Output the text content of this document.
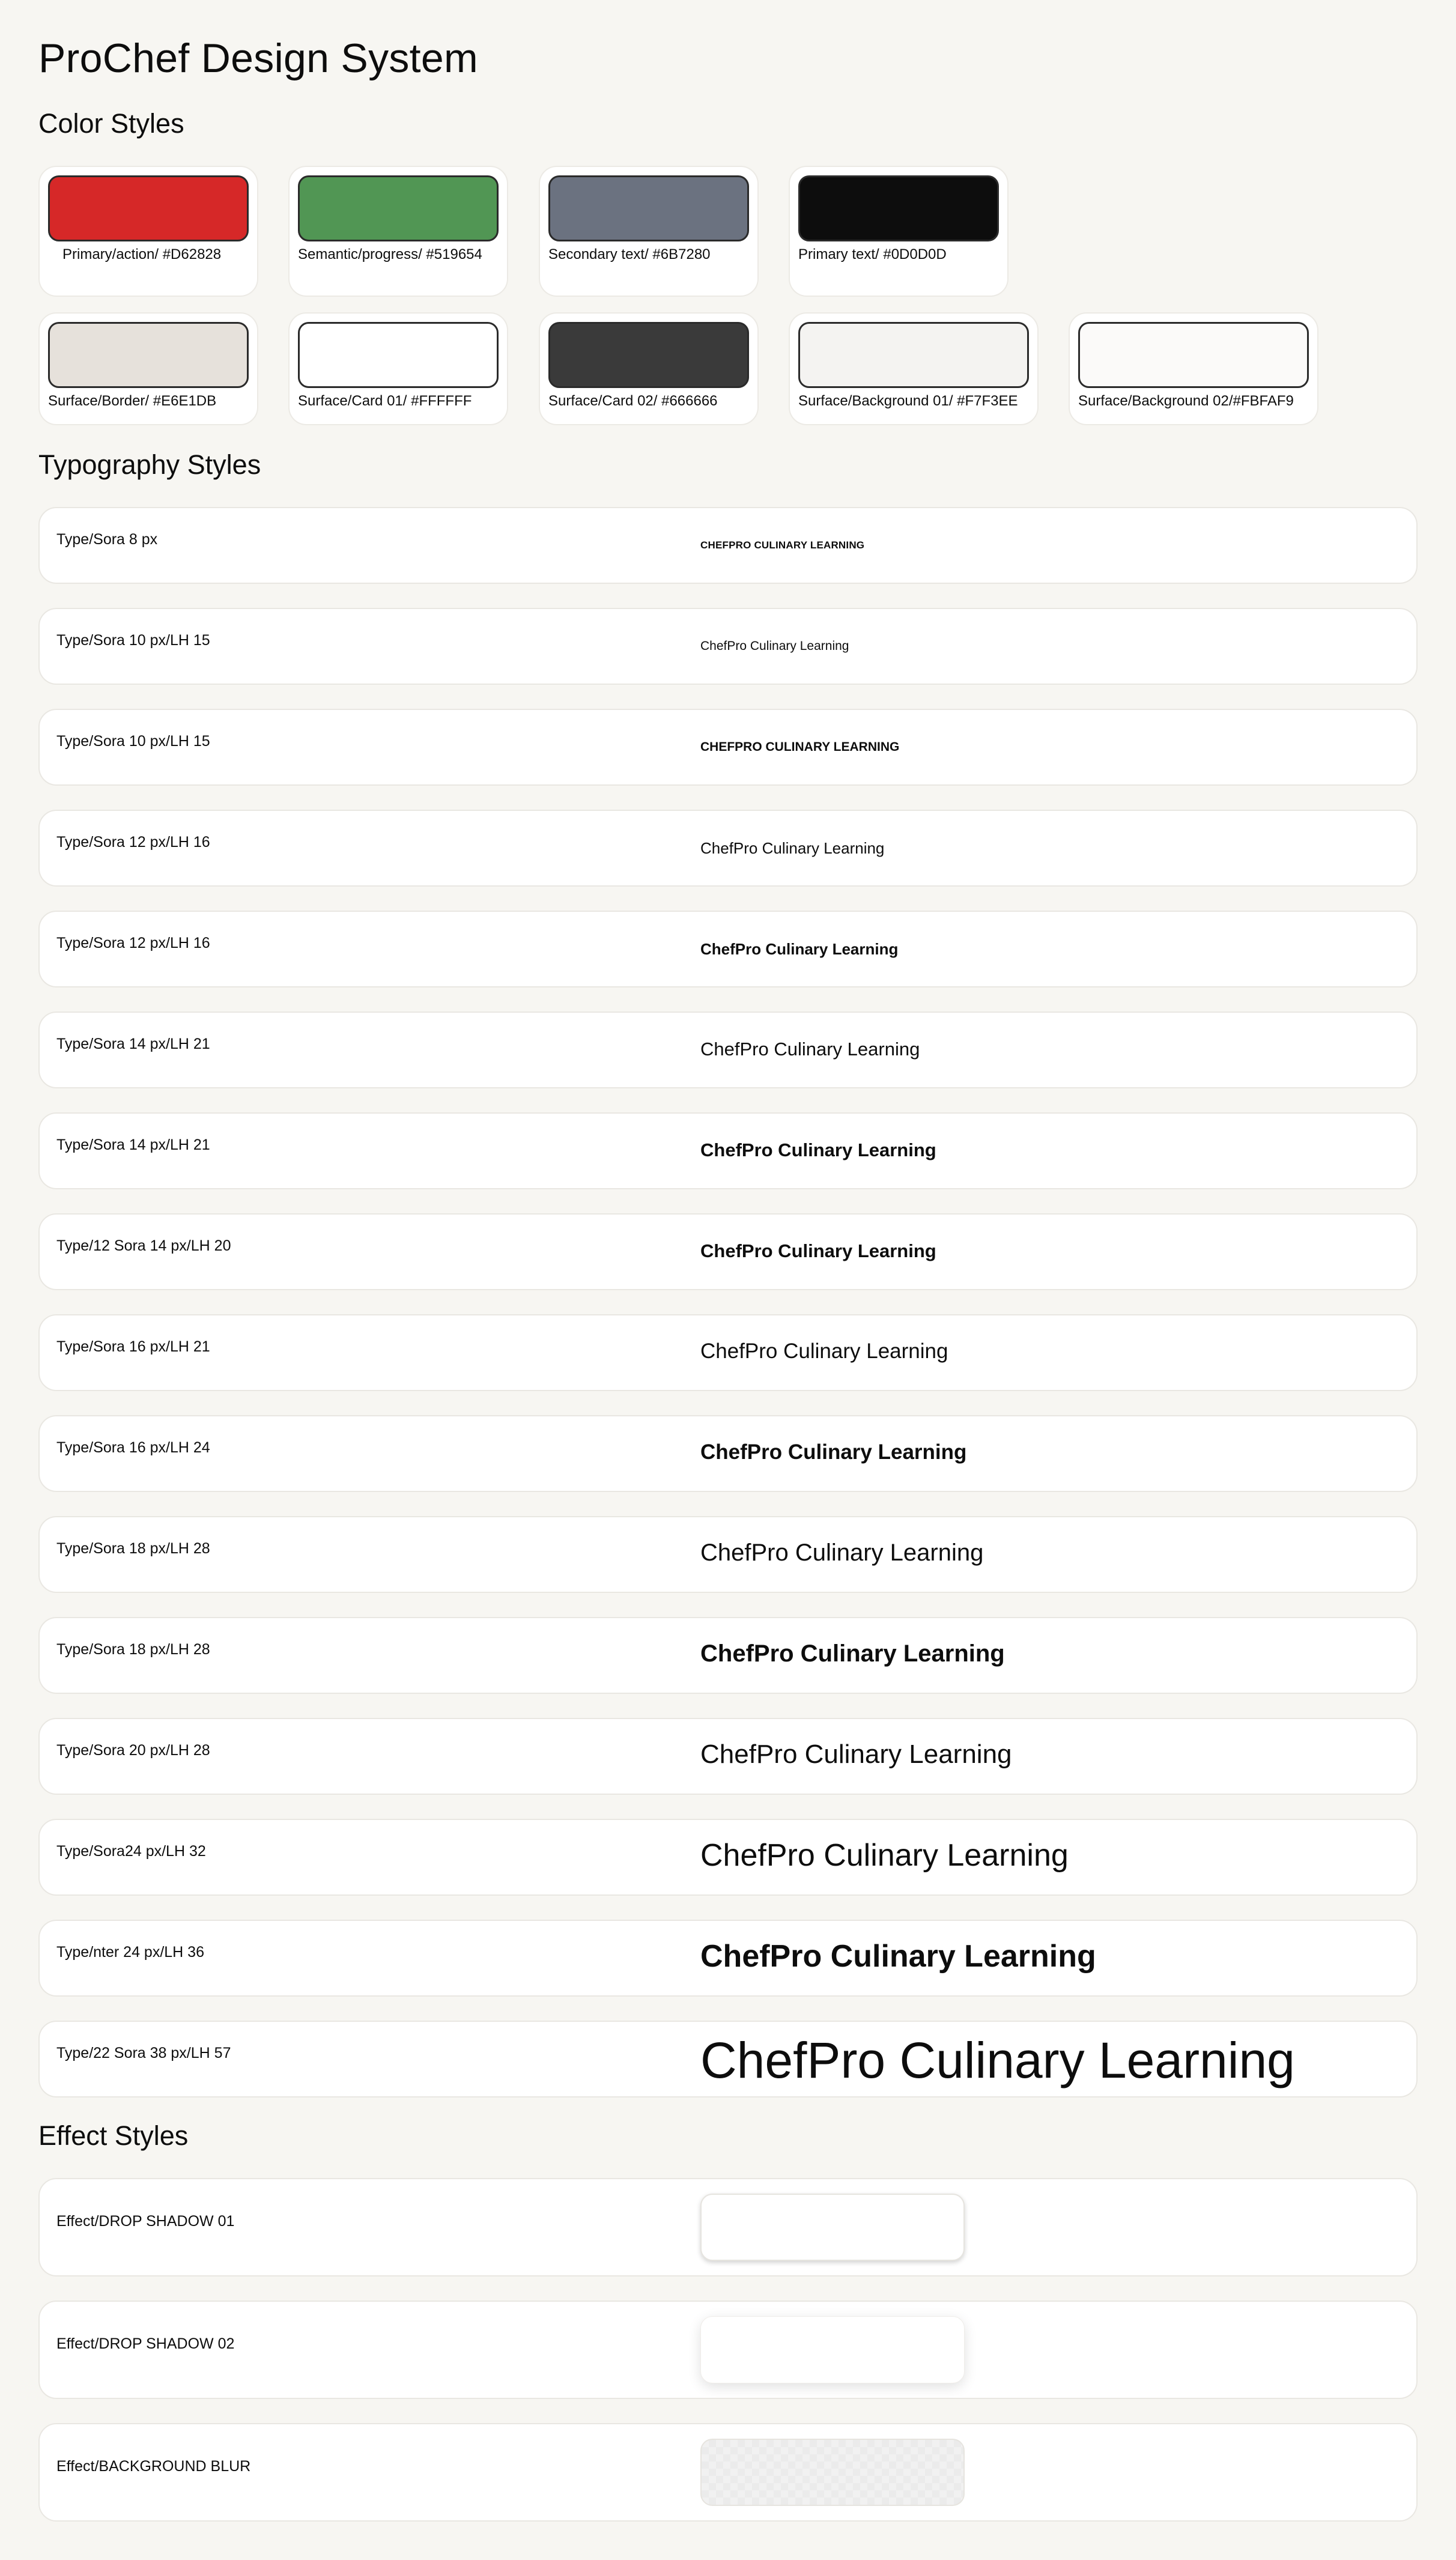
ProChef Design System
Color Styles
Primary/action/ #D62828	Semantic/progress/ #519654	Secondary text/ #6B7280	Primary text/ #0D0D0D
Surface/Border/ #E6E1DB	Surface/Card 01/ #FFFFFF	Surface/Card 02/ #666666	Surface/Background 01/ #F7F3EE	Surface/Background 02/#FBFAF9
Typography Styles
Type/Sora 8 px	CHEFPRO CULINARY LEARNING
Type/Sora 10 px/LH 15	ChefPro Culinary Learning
Type/Sora 10 px/LH 15	CHEFPRO CULINARY LEARNING
Type/Sora 12 px/LH 16	ChefPro Culinary Learning
Type/Sora 12 px/LH 16	ChefPro Culinary Learning
Type/Sora 14 px/LH 21	ChefPro Culinary Learning
Type/Sora 14 px/LH 21	ChefPro Culinary Learning
Type/12 Sora 14 px/LH 20	ChefPro Culinary Learning
Type/Sora 16 px/LH 21	ChefPro Culinary Learning
Type/Sora 16 px/LH 24	ChefPro Culinary Learning
Type/Sora 18 px/LH 28	ChefPro Culinary Learning
Type/Sora 18 px/LH 28	ChefPro Culinary Learning
Type/Sora 20 px/LH 28	ChefPro Culinary Learning
Type/Sora24 px/LH 32	ChefPro Culinary Learning
Type/nter 24 px/LH 36	ChefPro Culinary Learning
Type/22 Sora 38 px/LH 57	ChefPro Culinary Learning
Effect Styles
Effect/DROP SHADOW 01
Effect/DROP SHADOW 02
Effect/BACKGROUND BLUR
